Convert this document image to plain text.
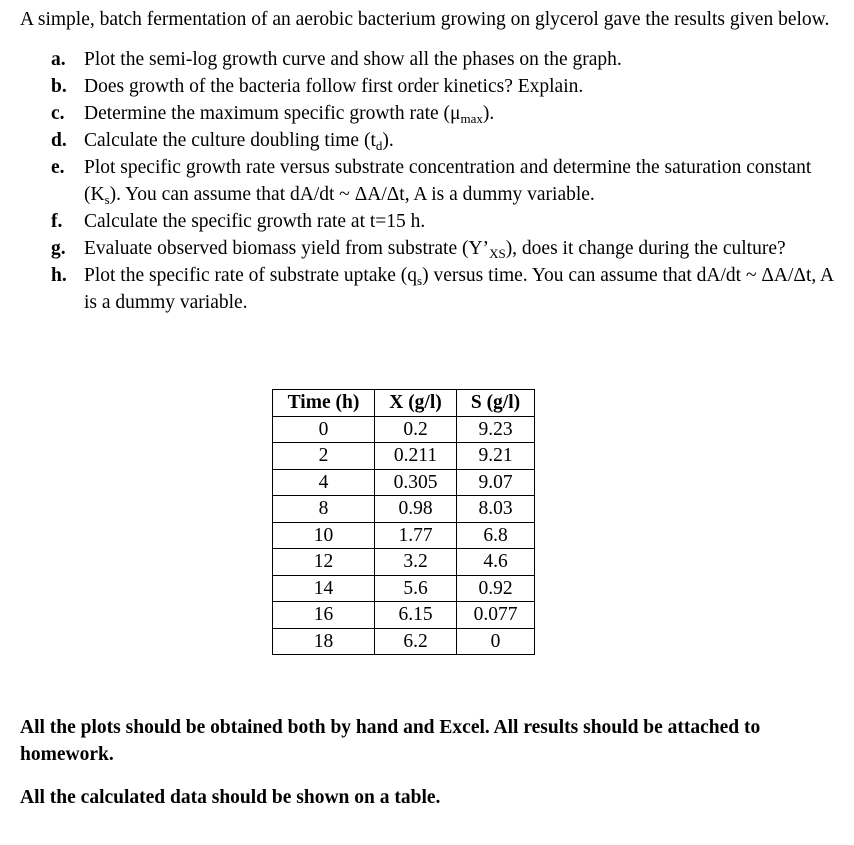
A simple, batch fermentation of an aerobic bacterium growing on glycerol gave the results given below.

a. Plot the semi-log growth curve and show all the phases on the graph.
b. Does growth of the bacteria follow first order kinetics? Explain.
c. Determine the maximum specific growth rate $(\mu_{max})$.
d. Calculate the culture doubling time $(t_d)$.
e. Plot specific growth rate versus substrate concentration and determine the saturation constant $(K_s)$. You can assume that dA/dt ~ ΔA/Δt, A is a dummy variable.
f. Calculate the specific growth rate at t=15 h.
g. Evaluate observed biomass yield from substrate $(Y’_{XS})$, does it change during the culture?
h. Plot the specific rate of substrate uptake $(q_s)$ versus time. You can assume that dA/dt ~ ΔA/Δt, A is a dummy variable.
Time (h)	X (g/l)	S (g/l)
0	0.2	9.23
2	0.211	9.21
4	0.305	9.07
8	0.98	8.03
10	1.77	6.8
12	3.2	4.6
14	5.6	0.92
16	6.15	0.077
18	6.2	0

All the plots should be obtained both by hand and Excel. All results should be attached to homework.

All the calculated data should be shown on a table.
